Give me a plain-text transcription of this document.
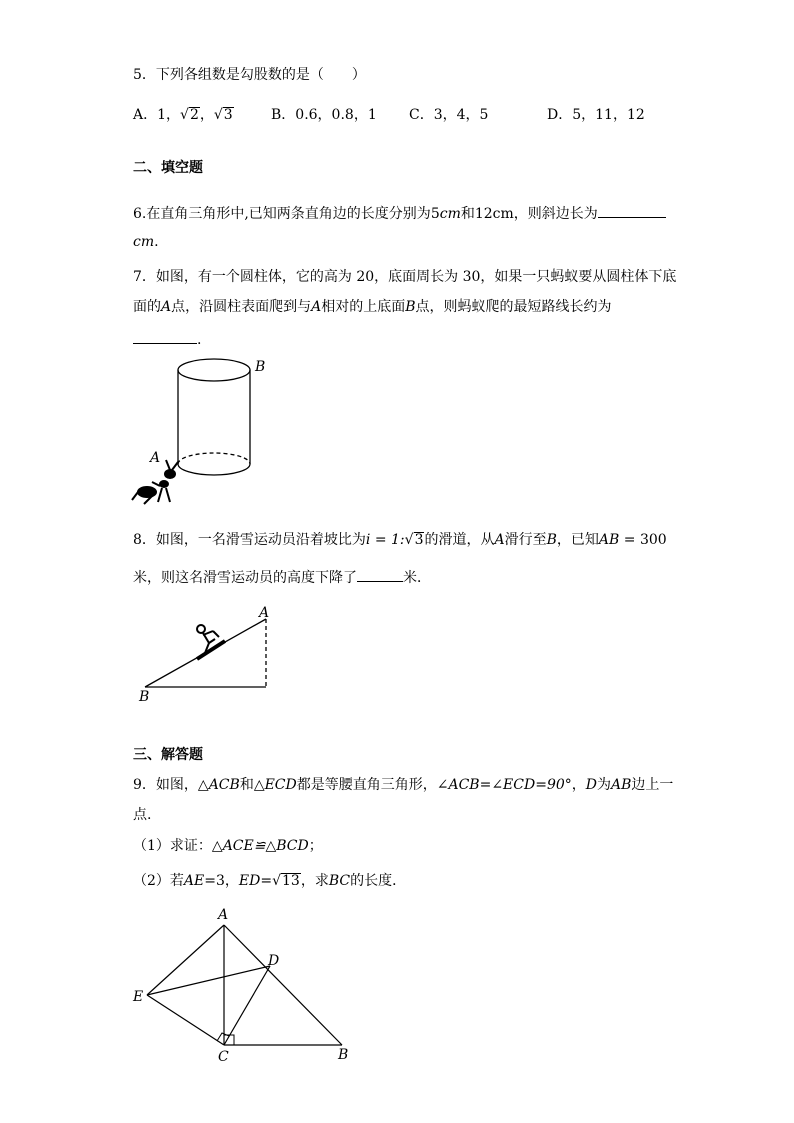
5．下列各组数是勾股数的是（　　）
A．1，√2，√3	B．0.6，0.8，1 C．3，4，5	D．5，11，12
二、填空题
6.在直角三角形中,已知两条直角边的长度分别为5cm和12cm，则斜边长为
cm.
7．如图，有一个圆柱体，它的高为 20，底面周长为 30，如果一只蚂蚁要从圆柱体下底
面的A点，沿圆柱表面爬到与A相对的上底面B点，则蚂蚁爬的最短路线长约为
.
B
A
8．如图，一名滑雪运动员沿着坡比为i = 1:√3的滑道，从A滑行至B，已知AB = 300
米，则这名滑雪运动员的高度下降了	米．
A
B
三、解答题
9．如图，△ACB和△ECD都是等腰直角三角形，∠ACB=∠ECD=90°，D为AB边上一
点.
（1）求证：△ACE≌△BCD；
（2）若AE=3，ED=√13，求BC的长度．
A
B
C
D
E
